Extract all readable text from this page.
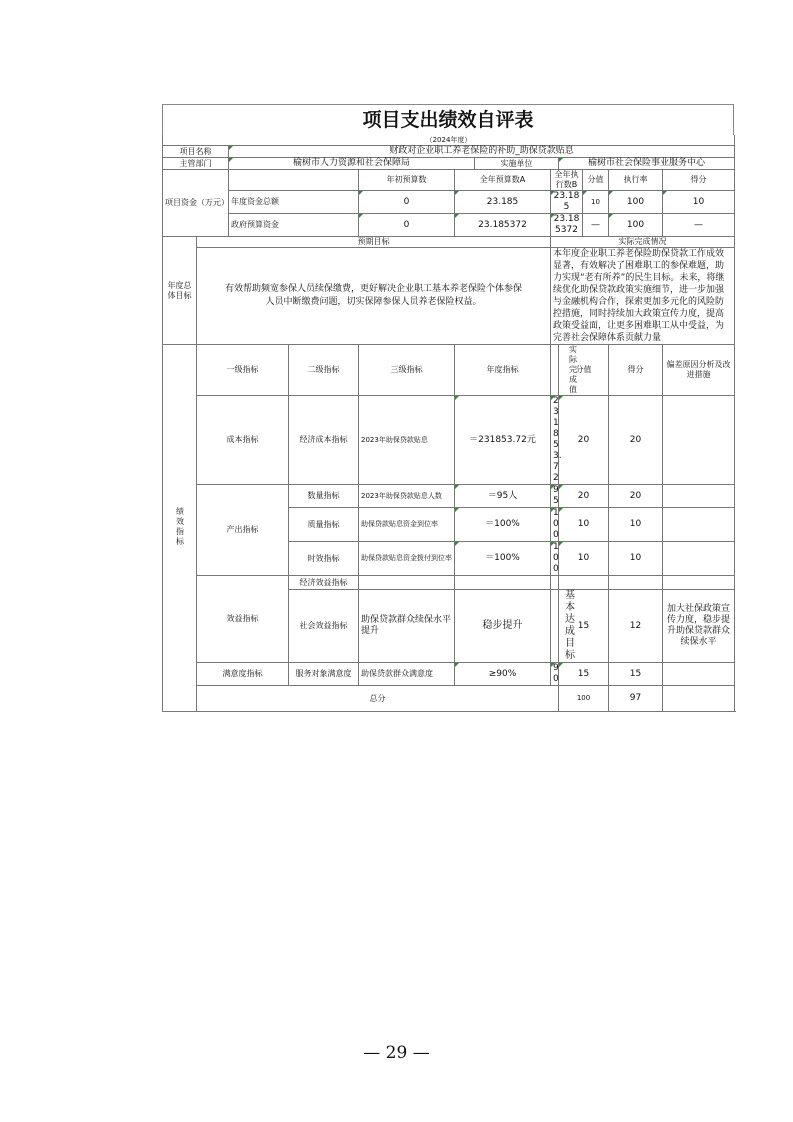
项目支出绩效自评表
（2024年度）											
项目名称		财政对企业职工养老保险的补助_助保贷款贴息									
主管部门		榆树市人力资源和社会保障局				实施单位		榆树市社会保险事业服务中心			
项目资金（万元）				年初预算数	全年预算数A		全年执行数B		分值	执行率	得分
		年度资金总额		0	23.185		23.185		10	100	10
		政府预算资金		0	23.185372		23.185372		—	100	—
年度总体目标	预期目标						实际完成情况				
	有效帮助频宽参保人员续保缴费，更好解决企业职工基本养老保险个体参保人员中断缴费问题，切实保障参保人员养老保险权益。						本年度企业职工养老保险助保贷款工作成效显著，有效解决了困难职工的参保难题，助力实现“老有所养”的民生目标。未来，将继续优化助保贷款政策实施细节，进一步加强与金融机构合作，探索更加多元化的风险防控措施，同时持续加大政策宣传力度，提高政策受益面，让更多困难职工从中受益，为完善社会保障体系贡献力量				
绩效指标	一级指标		二级指标	三级指标	年度指标		实际完成值	分值		得分	偏差原因分析及改进措施
	成本指标		经济成本指标	2023年助保贷款贴息	＝231853.72元		231853.72	20		20	
	产出指标		数量指标	2023年助保贷款贴息人数	＝95人		95	20		20	
			质量指标	助保贷款贴息资金到位率	＝100%		100	10		10	
			时效指标	助保贷款贴息资金拨付到位率	＝100%		100	10		10	
	效益指标		经济效益指标								
			社会效益指标	助保贷款群众续保水平提升	稳步提升		基本达成目标	15		12	加大社保政策宣传力度，稳步提升助保贷款群众续保水平
	满意度指标		服务对象满意度	助保贷款群众满意度	≥90%		90	15		15	
	总分							100		97	
— 29 —
